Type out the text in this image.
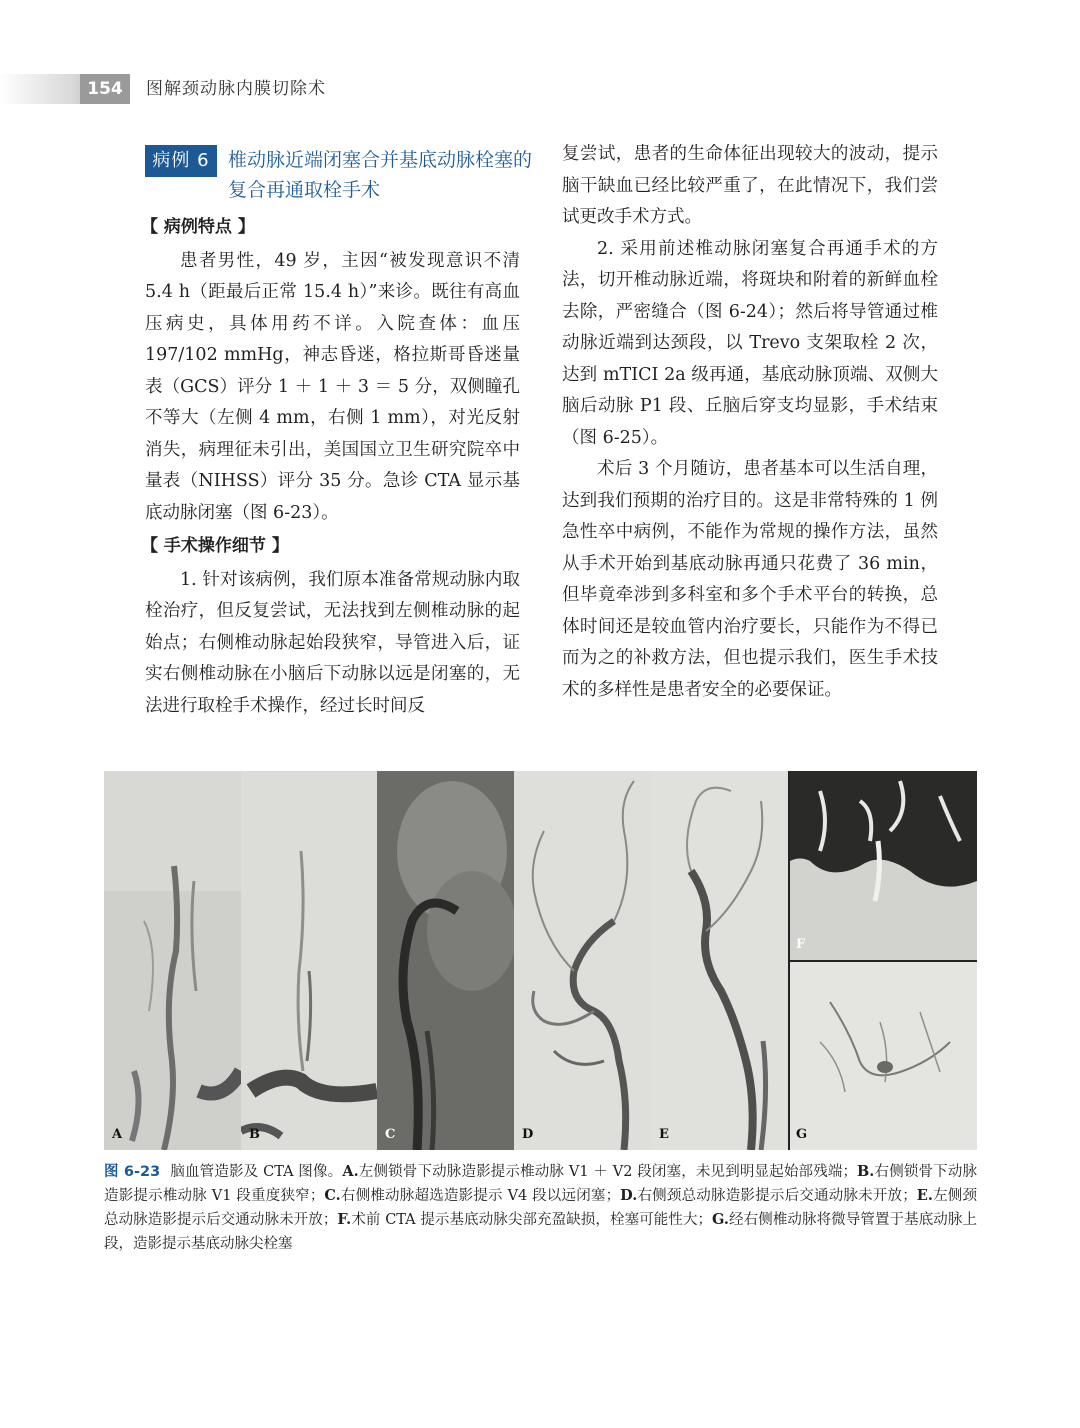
154	图解颈动脉内膜切除术
病例 6 椎动脉近端闭塞合并基底动脉栓塞的复合再通取栓手术

【 病例特点 】

患者男性，49 岁，主因“被发现意识不清 5.4 h（距最后正常 15.4 h）”来诊。既往有高血压病史，具体用药不详。入院查体：血压 197/102 mmHg，神志昏迷，格拉斯哥昏迷量表（GCS）评分 1 ＋ 1 ＋ 3 ＝ 5 分，双侧瞳孔不等大（左侧 4 mm，右侧 1 mm），对光反射消失，病理征未引出，美国国立卫生研究院卒中量表（NIHSS）评分 35 分。急诊 CTA 显示基底动脉闭塞（图 6-23）。

【 手术操作细节 】

1. 针对该病例，我们原本准备常规动脉内取栓治疗，但反复尝试，无法找到左侧椎动脉的起始点；右侧椎动脉起始段狭窄，导管进入后，证实右侧椎动脉在小脑后下动脉以远是闭塞的，无法进行取栓手术操作，经过长时间反

复尝试，患者的生命体征出现较大的波动，提示脑干缺血已经比较严重了，在此情况下，我们尝试更改手术方式。

2. 采用前述椎动脉闭塞复合再通手术的方法，切开椎动脉近端，将斑块和附着的新鲜血栓去除，严密缝合（图 6-24）；然后将导管通过椎动脉近端到达颈段，以 Trevo 支架取栓 2 次，达到 mTICI 2a 级再通，基底动脉顶端、双侧大脑后动脉 P1 段、丘脑后穿支均显影，手术结束（图 6-25）。

术后 3 个月随访，患者基本可以生活自理，达到我们预期的治疗目的。这是非常特殊的 1 例急性卒中病例，不能作为常规的操作方法，虽然从手术开始到基底动脉再通只花费了 36 min，但毕竟牵涉到多科室和多个手术平台的转换，总体时间还是较血管内治疗要长，只能作为不得已而为之的补救方法，但也提示我们，医生手术技术的多样性是患者安全的必要保证。

A	B	C	D	E
F
G
图 6-23 脑血管造影及 CTA 图像。A.左侧锁骨下动脉造影提示椎动脉 V1 ＋ V2 段闭塞，未见到明显起始部残端；B.右侧锁骨下动脉造影提示椎动脉 V1 段重度狭窄；C.右侧椎动脉超选造影提示 V4 段以远闭塞；D.右侧颈总动脉造影提示后交通动脉未开放；E.左侧颈总动脉造影提示后交通动脉未开放；F.术前 CTA 提示基底动脉尖部充盈缺损，栓塞可能性大；G.经右侧椎动脉将微导管置于基底动脉上段，造影提示基底动脉尖栓塞
